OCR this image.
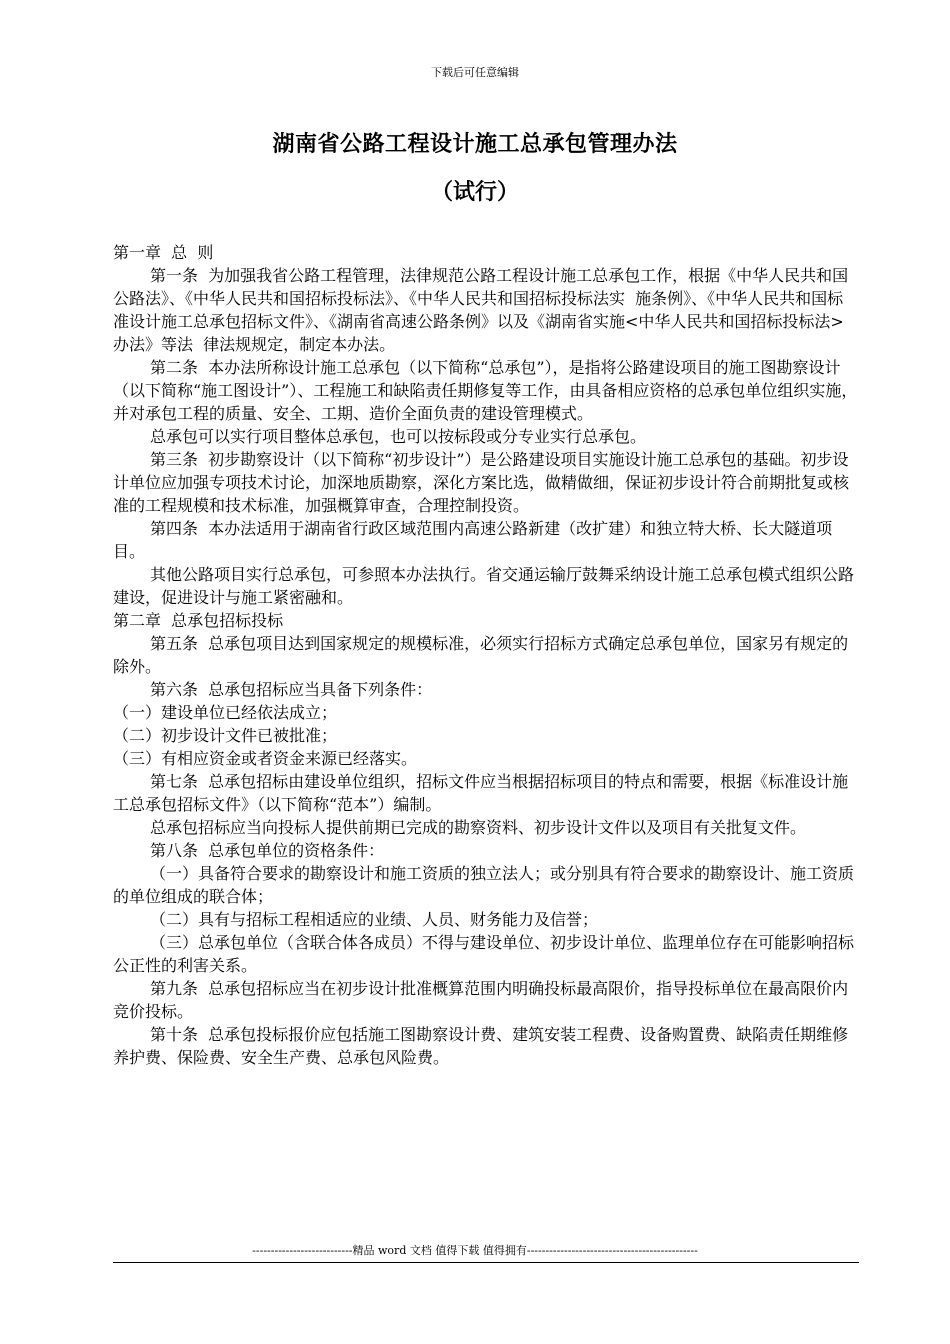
下载后可任意编辑
湖南省公路工程设计施工总承包管理办法
（试行）

第一章  总  则

第一条  为加强我省公路工程管理，法律规范公路工程设计施工总承包工作，根据《中华人民共和国公路法》、《中华人民共和国招标投标法》、《中华人民共和国招标投标法实  施条例》、《中华人民共和国标准设计施工总承包招标文件》、《湖南省高速公路条例》以及《湖南省实施<中华人民共和国招标投标法>办法》等法  律法规规定，制定本办法。

第二条  本办法所称设计施工总承包（以下简称“总承包”），是指将公路建设项目的施工图勘察设计（以下简称“施工图设计”）、工程施工和缺陷责任期修复等工作，由具备相应资格的总承包单位组织实施，并对承包工程的质量、安全、工期、造价全面负责的建设管理模式。

总承包可以实行项目整体总承包，也可以按标段或分专业实行总承包。

第三条  初步勘察设计（以下简称“初步设计”）是公路建设项目实施设计施工总承包的基础。初步设计单位应加强专项技术讨论，加深地质勘察，深化方案比选，做精做细，保证初步设计符合前期批复或核准的工程规模和技术标准，加强概算审查，合理控制投资。

第四条  本办法适用于湖南省行政区域范围内高速公路新建（改扩建）和独立特大桥、长大隧道项目。

其他公路项目实行总承包，可参照本办法执行。省交通运输厅鼓舞采纳设计施工总承包模式组织公路建设，促进设计与施工紧密融和。

第二章  总承包招标投标

第五条  总承包项目达到国家规定的规模标准，必须实行招标方式确定总承包单位，国家另有规定的除外。

第六条  总承包招标应当具备下列条件：

（一）建设单位已经依法成立；

（二）初步设计文件已被批准；

（三）有相应资金或者资金来源已经落实。

第七条  总承包招标由建设单位组织，招标文件应当根据招标项目的特点和需要，根据《标准设计施工总承包招标文件》（以下简称“范本”）编制。

总承包招标应当向投标人提供前期已完成的勘察资料、初步设计文件以及项目有关批复文件。

第八条  总承包单位的资格条件：

（一）具备符合要求的勘察设计和施工资质的独立法人；或分别具有符合要求的勘察设计、施工资质的单位组成的联合体；

（二）具有与招标工程相适应的业绩、人员、财务能力及信誉；

（三）总承包单位（含联合体各成员）不得与建设单位、初步设计单位、监理单位存在可能影响招标公正性的利害关系。

第九条  总承包招标应当在初步设计批准概算范围内明确投标最高限价，指导投标单位在最高限价内竞价投标。

第十条  总承包投标报价应包括施工图勘察设计费、建筑安装工程费、设备购置费、缺陷责任期维修养护费、保险费、安全生产费、总承包风险费。

---------------------------精品 word 文档 值得下载 值得拥有----------------------------------------------
